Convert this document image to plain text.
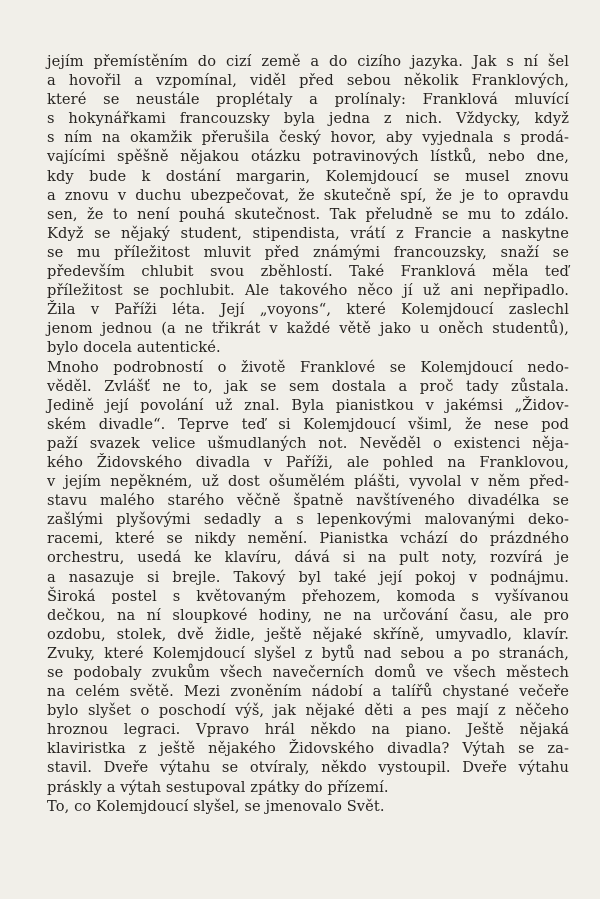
jejím přemístěním do cizí země a do cizího jazyka. Jak s ní šel
a hovořil a vzpomínal, viděl před sebou několik Franklových,
které se neustále proplétaly a prolínaly: Franklová mluvící
s hokynářkami francouzsky byla jedna z nich. Vždycky, když
s ním na okamžik přerušila český hovor, aby vyjednala s prodá-
vajícími spěšně nějakou otázku potravinových lístků, nebo dne,
kdy bude k dostání margarin, Kolemjdoucí se musel znovu
a znovu v duchu ubezpečovat, že skutečně spí, že je to opravdu
sen, že to není pouhá skutečnost. Tak přeludně se mu to zdálo.
Když se nějaký student, stipendista, vrátí z Francie a naskytne
se mu příležitost mluvit před známými francouzsky, snaží se
především chlubit svou zběhlostí. Také Franklová měla teď
příležitost se pochlubit. Ale takového něco jí už ani nepřipadlo.
Žila v Paříži léta. Její „voyons“, které Kolemjdoucí zaslechl
jenom jednou (a ne třikrát v každé větě jako u oněch studentů),
bylo docela autentické.
Mnoho podrobností o životě Franklové se Kolemjdoucí nedo-
věděl. Zvlášť ne to, jak se sem dostala a proč tady zůstala.
Jedině její povolání už znal. Byla pianistkou v jakémsi „Židov-
ském divadle“. Teprve teď si Kolemjdoucí všiml, že nese pod
paží svazek velice ušmudlaných not. Nevěděl o existenci něja-
kého Židovského divadla v Paříži, ale pohled na Franklovou,
v jejím nepěkném, už dost ošumělém plášti, vyvolal v něm před-
stavu malého starého věčně špatně navštíveného divadélka se
zašlými plyšovými sedadly a s lepenkovými malovanými deko-
racemi, které se nikdy nemění. Pianistka vchází do prázdného
orchestru, usedá ke klavíru, dává si na pult noty, rozvírá je
a nasazuje si brejle. Takový byl také její pokoj v podnájmu.
Široká postel s květovaným přehozem, komoda s vyšívanou
dečkou, na ní sloupkové hodiny, ne na určování času, ale pro
ozdobu, stolek, dvě židle, ještě nějaké skříně, umyvadlo, klavír.
Zvuky, které Kolemjdoucí slyšel z bytů nad sebou a po stranách,
se podobaly zvukům všech navečerních domů ve všech městech
na celém světě. Mezi zvoněním nádobí a talířů chystané večeře
bylo slyšet o poschodí výš, jak nějaké děti a pes mají z něčeho
hroznou legraci. Vpravo hrál někdo na piano. Ještě nějaká
klaviristka z ještě nějakého Židovského divadla? Výtah se za-
stavil. Dveře výtahu se otvíraly, někdo vystoupil. Dveře výtahu
práskly a výtah sestupoval zpátky do přízemí.
To, co Kolemjdoucí slyšel, se jmenovalo Svět.
